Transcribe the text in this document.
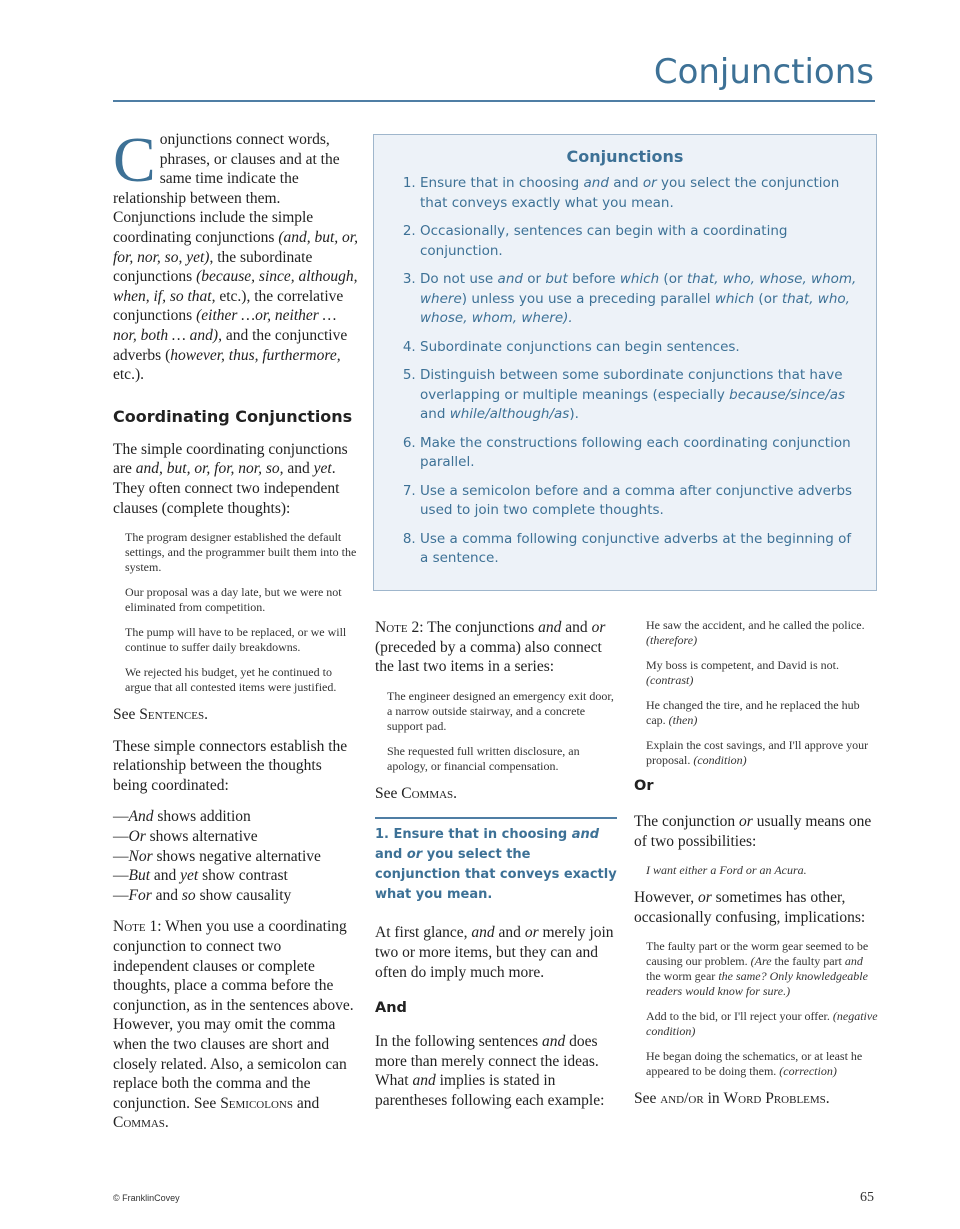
Conjunctions

Conjunctions connect words, phrases, or clauses and at the same time indicate the relationship between them. Conjunctions include the simple coordinating conjunctions (and, but, or, for, nor, so, yet), the subordinate conjunctions (because, since, although, when, if, so that, etc.), the correlative conjunctions (either …or, neither … nor, both … and), and the conjunctive adverbs (however, thus, furthermore, etc.).

Coordinating Conjunctions

The simple coordinating conjunctions are and, but, or, for, nor, so, and yet. They often connect two independent clauses (complete thoughts):

The program designer established the default settings, and the programmer built them into the system.

Our proposal was a day late, but we were not eliminated from competition.

The pump will have to be replaced, or we will continue to suffer daily breakdowns.

We rejected his budget, yet he continued to argue that all contested items were justified.

See Sentences.

These simple connectors establish the relationship between the thoughts being coordinated:

—And shows addition
—Or shows alternative
—Nor shows negative alternative
—But and yet show contrast
—For and so show causality

Note 1: When you use a coordinating conjunction to connect two independent clauses or complete thoughts, place a comma before the conjunction, as in the sentences above. However, you may omit the comma when the two clauses are short and closely related. Also, a semicolon can replace both the comma and the conjunction. See Semicolons and Commas.

Conjunctions
1. Ensure that in choosing and and or you select the conjunction that conveys exactly what you mean.
2. Occasionally, sentences can begin with a coordinating conjunction.
3. Do not use and or but before which (or that, who, whose, whom, where) unless you use a preceding parallel which (or that, who, whose, whom, where).
4. Subordinate conjunctions can begin sentences.
5. Distinguish between some subordinate conjunctions that have overlapping or multiple meanings (especially because/since/as and while/although/as).
6. Make the constructions following each coordinating conjunction parallel.
7. Use a semicolon before and a comma after conjunctive adverbs used to join two complete thoughts.
8. Use a comma following conjunctive adverbs at the beginning of a sentence.

Note 2: The conjunctions and and or (preceded by a comma) also connect the last two items in a series:

The engineer designed an emergency exit door, a narrow outside stairway, and a concrete support pad.

She requested full written disclosure, an apology, or financial compensation.

See Commas.

1. Ensure that in choosing and and or you select the conjunction that conveys exactly what you mean.

At first glance, and and or merely join two or more items, but they can and often do imply much more.

And

In the following sentences and does more than merely connect the ideas. What and implies is stated in parentheses following each example:

He saw the accident, and he called the police. (therefore)

My boss is competent, and David is not. (contrast)

He changed the tire, and he replaced the hub cap. (then)

Explain the cost savings, and I'll approve your proposal. (condition)

Or

The conjunction or usually means one of two possibilities:

I want either a Ford or an Acura.

However, or sometimes has other, occasionally confusing, implications:

The faulty part or the worm gear seemed to be causing our problem. (Are the faulty part and the worm gear the same? Only knowledgeable readers would know for sure.)

Add to the bid, or I'll reject your offer. (negative condition)

He began doing the schematics, or at least he appeared to be doing them. (correction)

See and/or in Word Problems.

© FranklinCovey	65
